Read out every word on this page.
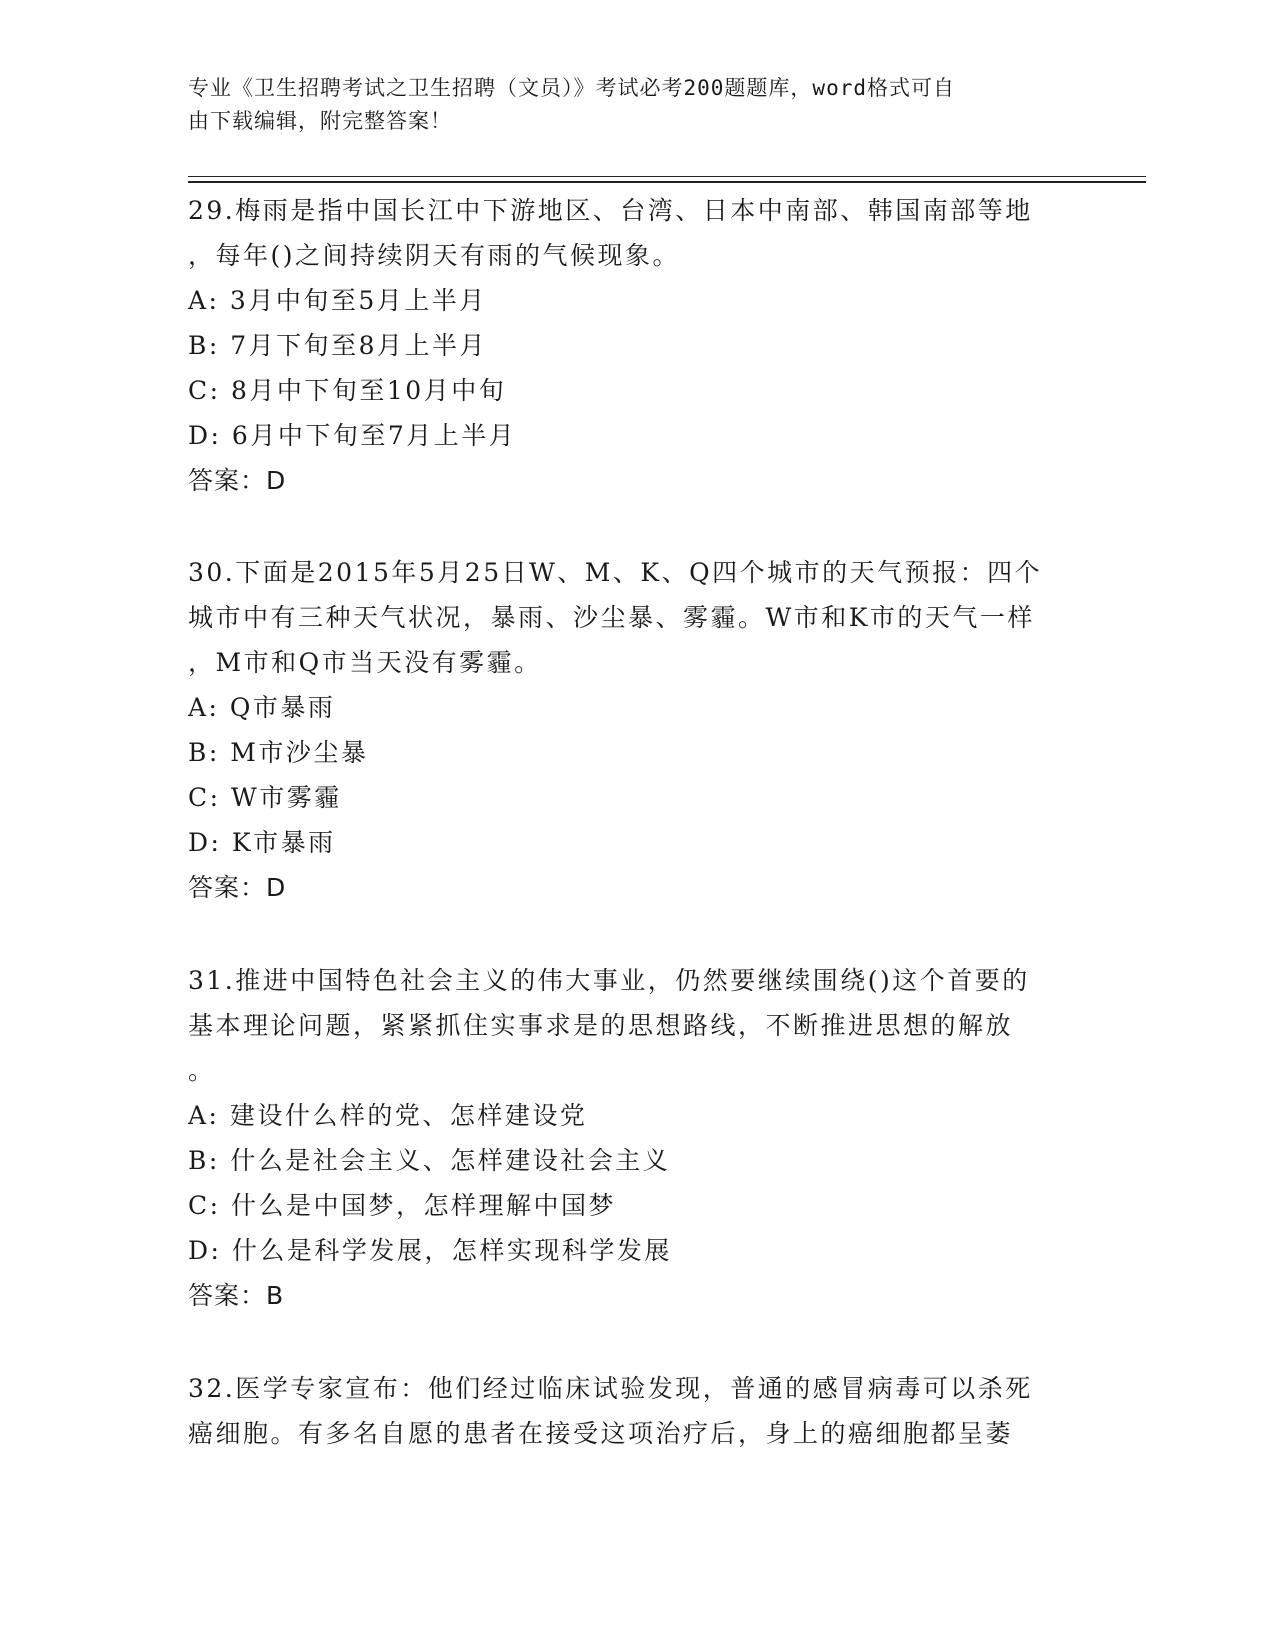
专业《卫生招聘考试之卫生招聘（文员）》考试必考200题题库，word格式可自
由下载编辑，附完整答案！

29.梅雨是指中国长江中下游地区、台湾、日本中南部、韩国南部等地

，每年()之间持续阴天有雨的气候现象。

A: 3月中旬至5月上半月

B: 7月下旬至8月上半月

C: 8月中下旬至10月中旬

D: 6月中下旬至7月上半月

答案：D

30.下面是2015年5月25日W、M、K、Q四个城市的天气预报：四个

城市中有三种天气状况，暴雨、沙尘暴、雾霾。W市和K市的天气一样

，M市和Q市当天没有雾霾。

A: Q市暴雨

B: M市沙尘暴

C: W市雾霾

D: K市暴雨

答案：D

31.推进中国特色社会主义的伟大事业，仍然要继续围绕()这个首要的

基本理论问题，紧紧抓住实事求是的思想路线，不断推进思想的解放

。

A: 建设什么样的党、怎样建设党

B: 什么是社会主义、怎样建设社会主义

C: 什么是中国梦，怎样理解中国梦

D: 什么是科学发展，怎样实现科学发展

答案：B

32.医学专家宣布：他们经过临床试验发现，普通的感冒病毒可以杀死

癌细胞。有多名自愿的患者在接受这项治疗后，身上的癌细胞都呈萎
